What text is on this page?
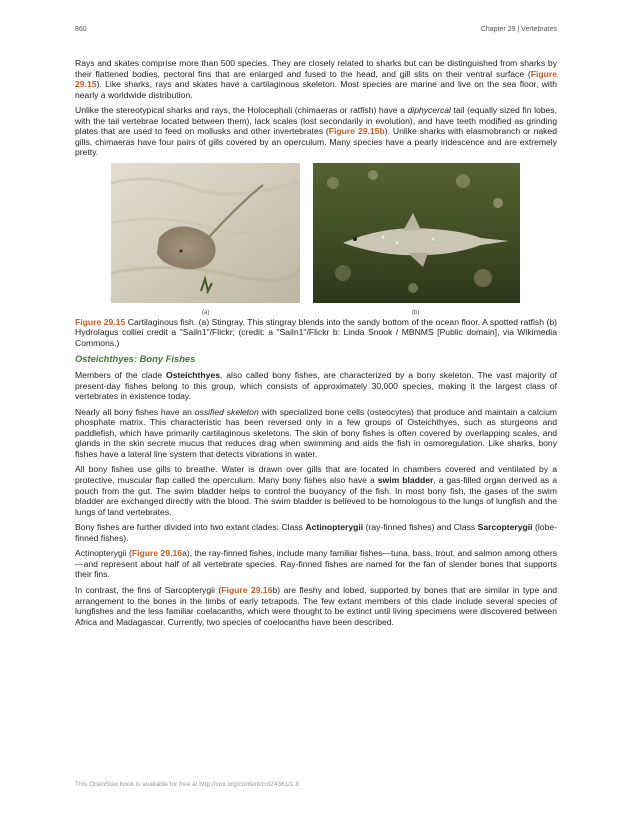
860	Chapter 29 | Vertebrates

Rays and skates comprise more than 500 species. They are closely related to sharks but can be distinguished from sharks by their flattened bodies, pectoral fins that are enlarged and fused to the head, and gill slits on their ventral surface (Figure 29.15). Like sharks, rays and skates have a cartilaginous skeleton. Most species are marine and live on the sea floor, with nearly a worldwide distribution.

Unlike the stereotypical sharks and rays, the Holocephali (chimaeras or ratfish) have a diphycercal tail (equally sized fin lobes, with the tail vertebrae located between them), lack scales (lost secondarily in evolution), and have teeth modified as grinding plates that are used to feed on mollusks and other invertebrates (Figure 29.15b). Unlike sharks with elasmobranch or naked gills, chimaeras have four pairs of gills covered by an operculum. Many species have a pearly iridescence and are extremely pretty.

(a)	(b)

Figure 29.15 Cartilaginous fish. (a) Stingray. This stingray blends into the sandy bottom of the ocean floor. A spotted ratfish (b) Hydrolagus colliei credit a "Sailn1"/Flickr; (credit: a "Sailn1"/Flickr b: Linda Snook / MBNMS [Public domain], via Wikimedia Commons.)

Osteichthyes: Bony Fishes

Members of the clade Osteichthyes, also called bony fishes, are characterized by a bony skeleton. The vast majority of present-day fishes belong to this group, which consists of approximately 30,000 species, making it the largest class of vertebrates in existence today.

Nearly all bony fishes have an ossified skeleton with specialized bone cells (osteocytes) that produce and maintain a calcium phosphate matrix. This characteristic has been reversed only in a few groups of Osteichthyes, such as sturgeons and paddlefish, which have primarily cartilaginous skeletons. The skin of bony fishes is often covered by overlapping scales, and glands in the skin secrete mucus that reduces drag when swimming and aids the fish in osmoregulation. Like sharks, bony fishes have a lateral line system that detects vibrations in water.

All bony fishes use gills to breathe. Water is drawn over gills that are located in chambers covered and ventilated by a protective, muscular flap called the operculum. Many bony fishes also have a swim bladder, a gas-filled organ derived as a pouch from the gut. The swim bladder helps to control the buoyancy of the fish. In most bony fish, the gases of the swim bladder are exchanged directly with the blood. The swim bladder is believed to be homologous to the lungs of lungfish and the lungs of land vertebrates.

Bony fishes are further divided into two extant clades: Class Actinopterygii (ray-finned fishes) and Class Sarcopterygii (lobe-finned fishes).

Actinopterygii (Figure 29.16a), the ray-finned fishes, include many familiar fishes—tuna, bass, trout, and salmon among others—and represent about half of all vertebrate species. Ray-finned fishes are named for the fan of slender bones that supports their fins.

In contrast, the fins of Sarcopterygii (Figure 29.16b) are fleshy and lobed, supported by bones that are similar in type and arrangement to the bones in the limbs of early tetrapods. The few extant members of this clade include several species of lungfishes and the less familiar coelacanths, which were thought to be extinct until living specimens were discovered between Africa and Madagascar. Currently, two species of coelocanths have been described.

This OpenStax book is available for free at http://cnx.org/content/col24361/1.8
